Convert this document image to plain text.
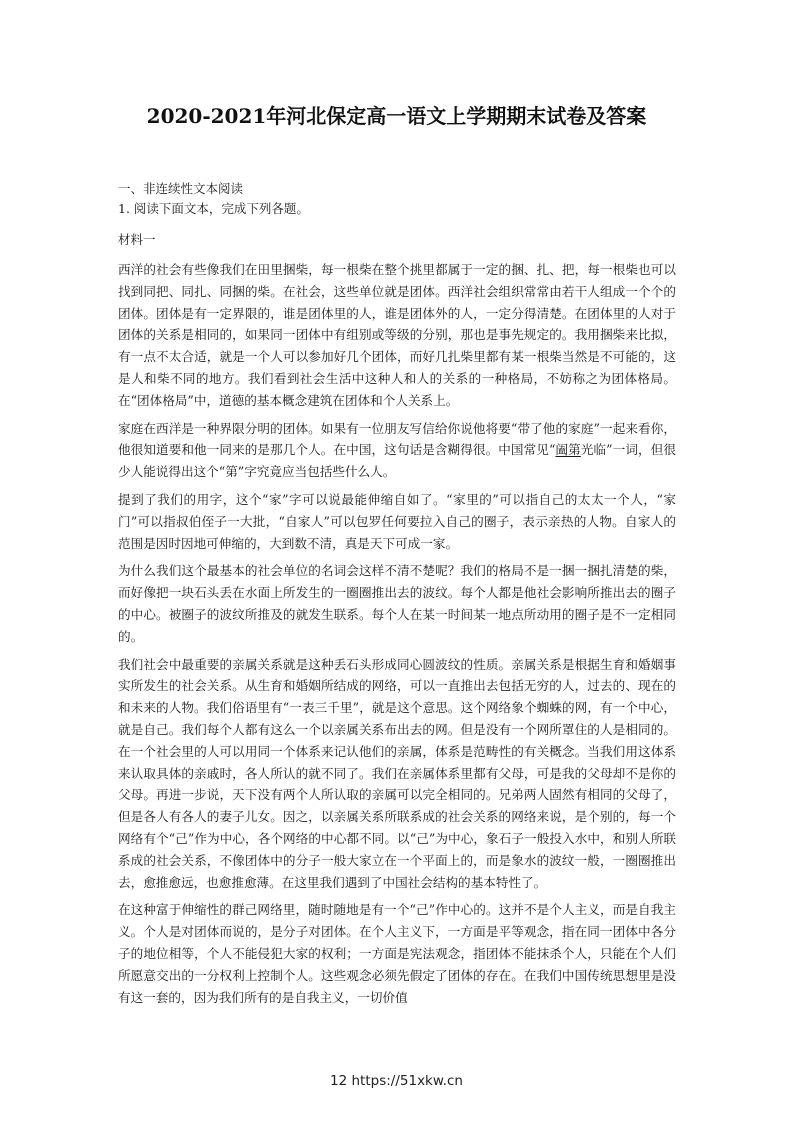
2020-2021年河北保定高一语文上学期期末试卷及答案

一、非连续性文本阅读

1. 阅读下面文本，完成下列各题。

材料一

西洋的社会有些像我们在田里捆柴，每一根柴在整个挑里都属于一定的捆、扎、把，每一根柴也可以找到同把、同扎、同捆的柴。在社会，这些单位就是团体。西洋社会组织常常由若干人组成一个个的团体。团体是有一定界限的，谁是团体里的人，谁是团体外的人，一定分得清楚。在团体里的人对于团体的关系是相同的，如果同一团体中有组别或等级的分别，那也是事先规定的。我用捆柴来比拟，有一点不太合适，就是一个人可以参加好几个团体，而好几扎柴里都有某一根柴当然是不可能的，这是人和柴不同的地方。我们看到社会生活中这种人和人的关系的一种格局，不妨称之为团体格局。在“团体格局”中，道德的基本概念建筑在团体和个人关系上。

家庭在西洋是一种界限分明的团体。如果有一位朋友写信给你说他将要“带了他的家庭”一起来看你，他很知道要和他一同来的是那几个人。在中国，这句话是含糊得很。中国常见“阖第光临”一词，但很少人能说得出这个“第”字究竟应当包括些什么人。

提到了我们的用字，这个“家”字可以说最能伸缩自如了。“家里的”可以指自己的太太一个人，“家门”可以指叔伯侄子一大批，“自家人”可以包罗任何要拉入自己的圈子，表示亲热的人物。自家人的范围是因时因地可伸缩的，大到数不清，真是天下可成一家。

为什么我们这个最基本的社会单位的名词会这样不清不楚呢？我们的格局不是一捆一捆扎清楚的柴，而好像把一块石头丢在水面上所发生的一圈圈推出去的波纹。每个人都是他社会影响所推出去的圈子的中心。被圈子的波纹所推及的就发生联系。每个人在某一时间某一地点所动用的圈子是不一定相同的。

我们社会中最重要的亲属关系就是这种丢石头形成同心圆波纹的性质。亲属关系是根据生育和婚姻事实所发生的社会关系。从生育和婚姻所结成的网络，可以一直推出去包括无穷的人，过去的、现在的和未来的人物。我们俗语里有“一表三千里”，就是这个意思。这个网络象个蜘蛛的网，有一个中心，就是自己。我们每个人都有这么一个以亲属关系布出去的网。但是没有一个网所罩住的人是相同的。在一个社会里的人可以用同一个体系来记认他们的亲属，体系是范畴性的有关概念。当我们用这体系来认取具体的亲戚时，各人所认的就不同了。我们在亲属体系里都有父母，可是我的父母却不是你的父母。再进一步说，天下没有两个人所认取的亲属可以完全相同的。兄弟两人固然有相同的父母了，但是各人有各人的妻子儿女。因之，以亲属关系所联系成的社会关系的网络来说，是个别的，每一个网络有个“己”作为中心，各个网络的中心都不同。以“己”为中心，象石子一般投入水中，和别人所联系成的社会关系，不像团体中的分子一般大家立在一个平面上的，而是象水的波纹一般，一圈圈推出去，愈推愈远，也愈推愈薄。在这里我们遇到了中国社会结构的基本特性了。

在这种富于伸缩性的群己网络里，随时随地是有一个“己”作中心的。这并不是个人主义，而是自我主义。个人是对团体而说的，是分子对团体。在个人主义下，一方面是平等观念，指在同一团体中各分子的地位相等，个人不能侵犯大家的权利；一方面是宪法观念，指团体不能抹杀个人，只能在个人们所愿意交出的一分权利上控制个人。这些观念必须先假定了团体的存在。在我们中国传统思想里是没有这一套的，因为我们所有的是自我主义，一切价值

12 https://51xkw.cn
